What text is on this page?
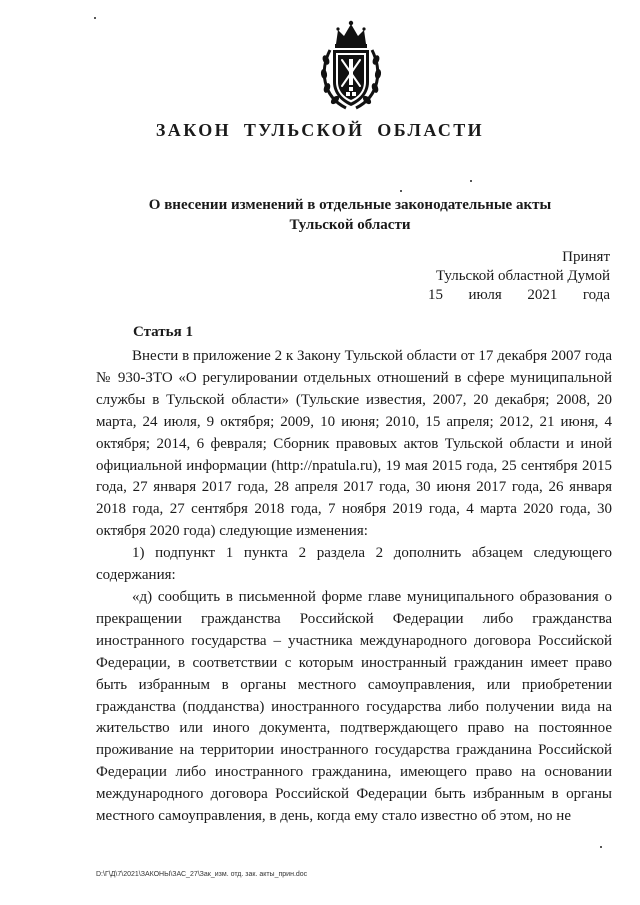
ЗАКОН ТУЛЬСКОЙ ОБЛАСТИ
О внесении изменений в отдельные законодательные акты
Тульской области
Принят
Тульской областной Думой
15 июля 2021 года
Статья 1

Внести в приложение 2 к Закону Тульской области от 17 декабря 2007 года № 930-ЗТО «О регулировании отдельных отношений в сфере муниципальной службы в Тульской области» (Тульские известия, 2007, 20 декабря; 2008, 20 марта, 24 июля, 9 октября; 2009, 10 июня; 2010, 15 апреля; 2012, 21 июня, 4 октября; 2014, 6 февраля; Сборник правовых актов Тульской области и иной официальной информации (http://npatula.ru), 19 мая 2015 года, 25 сентября 2015 года, 27 января 2017 года, 28 апреля 2017 года, 30 июня 2017 года, 26 января 2018 года, 27 сентября 2018 года, 7 ноября 2019 года, 4 марта 2020 года, 30 октября 2020 года) следующие изменения:

1) подпункт 1 пункта 2 раздела 2 дополнить абзацем следующего содержания:

«д) сообщить в письменной форме главе муниципального образования о прекращении гражданства Российской Федерации либо гражданства иностранного государства – участника международного договора Российской Федерации, в соответствии с которым иностранный гражданин имеет право быть избранным в органы местного самоуправления, или приобретении гражданства (подданства) иностранного государства либо получении вида на жительство или иного документа, подтверждающего право на постоянное проживание на территории иностранного государства гражданина Российской Федерации либо иностранного гражданина, имеющего право на основании международного договора Российской Федерации быть избранным в органы местного самоуправления, в день, когда ему стало известно об этом, но не

D:\Г\Д\7\2021\ЗАКОНЫ\ЗАС_27\Зак_изм. отд. зак. акты_прин.doc
